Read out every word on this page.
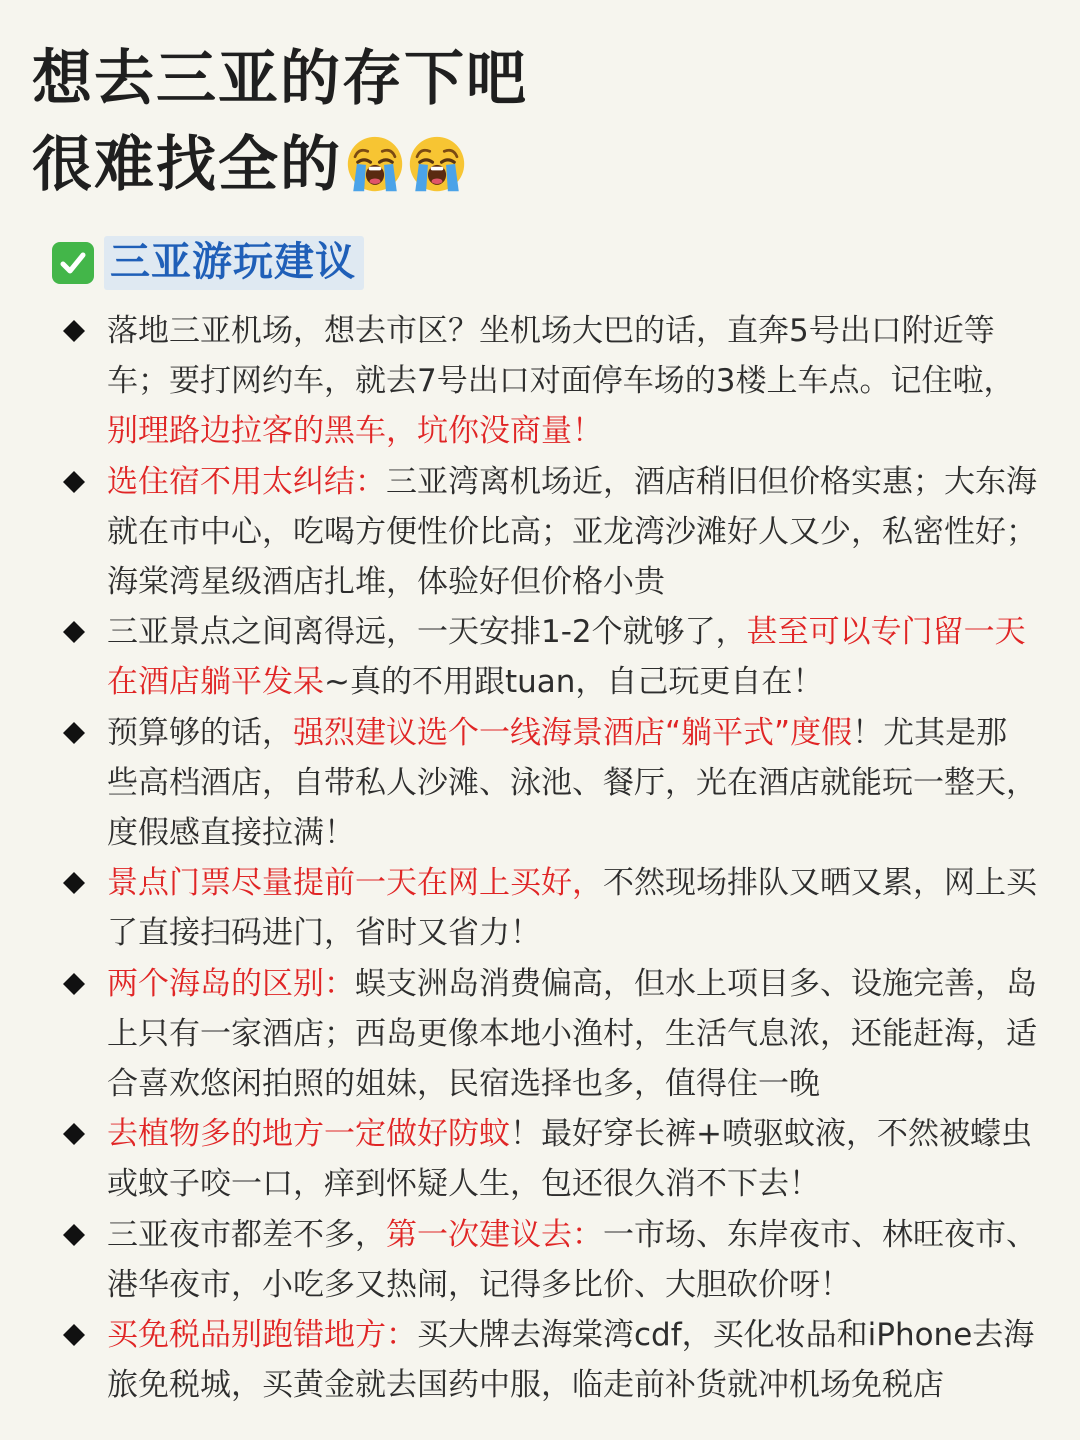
想去三亚的存下吧
很难找全的
三亚游玩建议
落地三亚机场，想去市区？坐机场大巴的话，直奔5号出口附近等车；要打网约车，就去7号出口对面停车场的3楼上车点。记住啦，别理路边拉客的黑车，坑你没商量！
选住宿不用太纠结：三亚湾离机场近，酒店稍旧但价格实惠；大东海就在市中心，吃喝方便性价比高；亚龙湾沙滩好人又少，私密性好；海棠湾星级酒店扎堆，体验好但价格小贵
三亚景点之间离得远，一天安排1-2个就够了，甚至可以专门留一天在酒店躺平发呆~真的不用跟tuan，自己玩更自在！
预算够的话，强烈建议选个一线海景酒店“躺平式”度假！尤其是那些高档酒店，自带私人沙滩、泳池、餐厅，光在酒店就能玩一整天，度假感直接拉满！
景点门票尽量提前一天在网上买好，不然现场排队又晒又累，网上买了直接扫码进门，省时又省力！
两个海岛的区别：蜈支洲岛消费偏高，但水上项目多、设施完善，岛上只有一家酒店；西岛更像本地小渔村，生活气息浓，还能赶海，适合喜欢悠闲拍照的姐妹，民宿选择也多，值得住一晚
去植物多的地方一定做好防蚊！最好穿长裤+喷驱蚊液，不然被蠓虫或蚊子咬一口，痒到怀疑人生，包还很久消不下去！
三亚夜市都差不多，第一次建议去：一市场、东岸夜市、林旺夜市、港华夜市，小吃多又热闹，记得多比价、大胆砍价呀！
买免税品别跑错地方：买大牌去海棠湾cdf，买化妆品和iPhone去海旅免税城，买黄金就去国药中服，临走前补货就冲机场免税店
